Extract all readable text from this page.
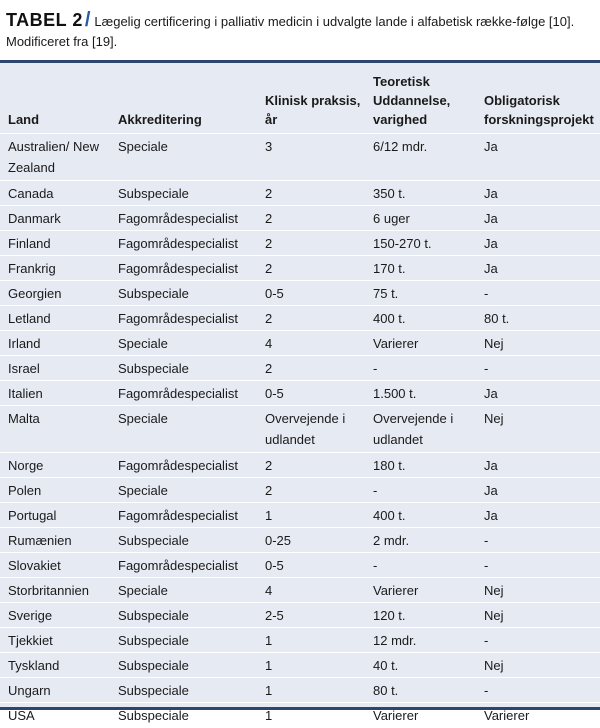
TABEL 2 / Lægelig certificering i palliativ medicin i udvalgte lande i alfabetisk række-følge [10]. Modificeret fra [19].
Land	Akkreditering	Klinisk praksis, år	Teoretisk Uddannelse, varighed	Obligatorisk forskningsprojekt
Australien/ New Zealand	Speciale	3	6/12 mdr.	Ja
Canada	Subspeciale	2	350 t.	Ja
Danmark	Fagområdespecialist	2	6 uger	Ja
Finland	Fagområdespecialist	2	150-270 t.	Ja
Frankrig	Fagområdespecialist	2	170 t.	Ja
Georgien	Subspeciale	0-5	75 t.	-
Letland	Fagområdespecialist	2	400 t.	80 t.
Irland	Speciale	4	Varierer	Nej
Israel	Subspeciale	2	-	-
Italien	Fagområdespecialist	0-5	1.500 t.	Ja
Malta	Speciale	Overvejende i udlandet	Overvejende i udlandet	Nej
Norge	Fagområdespecialist	2	180 t.	Ja
Polen	Speciale	2	-	Ja
Portugal	Fagområdespecialist	1	400 t.	Ja
Rumænien	Subspeciale	0-25	2 mdr.	-
Slovakiet	Fagområdespecialist	0-5	-	-
Storbritannien	Speciale	4	Varierer	Nej
Sverige	Subspeciale	2-5	120 t.	Nej
Tjekkiet	Subspeciale	1	12 mdr.	-
Tyskland	Subspeciale	1	40 t.	Nej
Ungarn	Subspeciale	1	80 t.	-
USA	Subspeciale	1	Varierer	Varierer
